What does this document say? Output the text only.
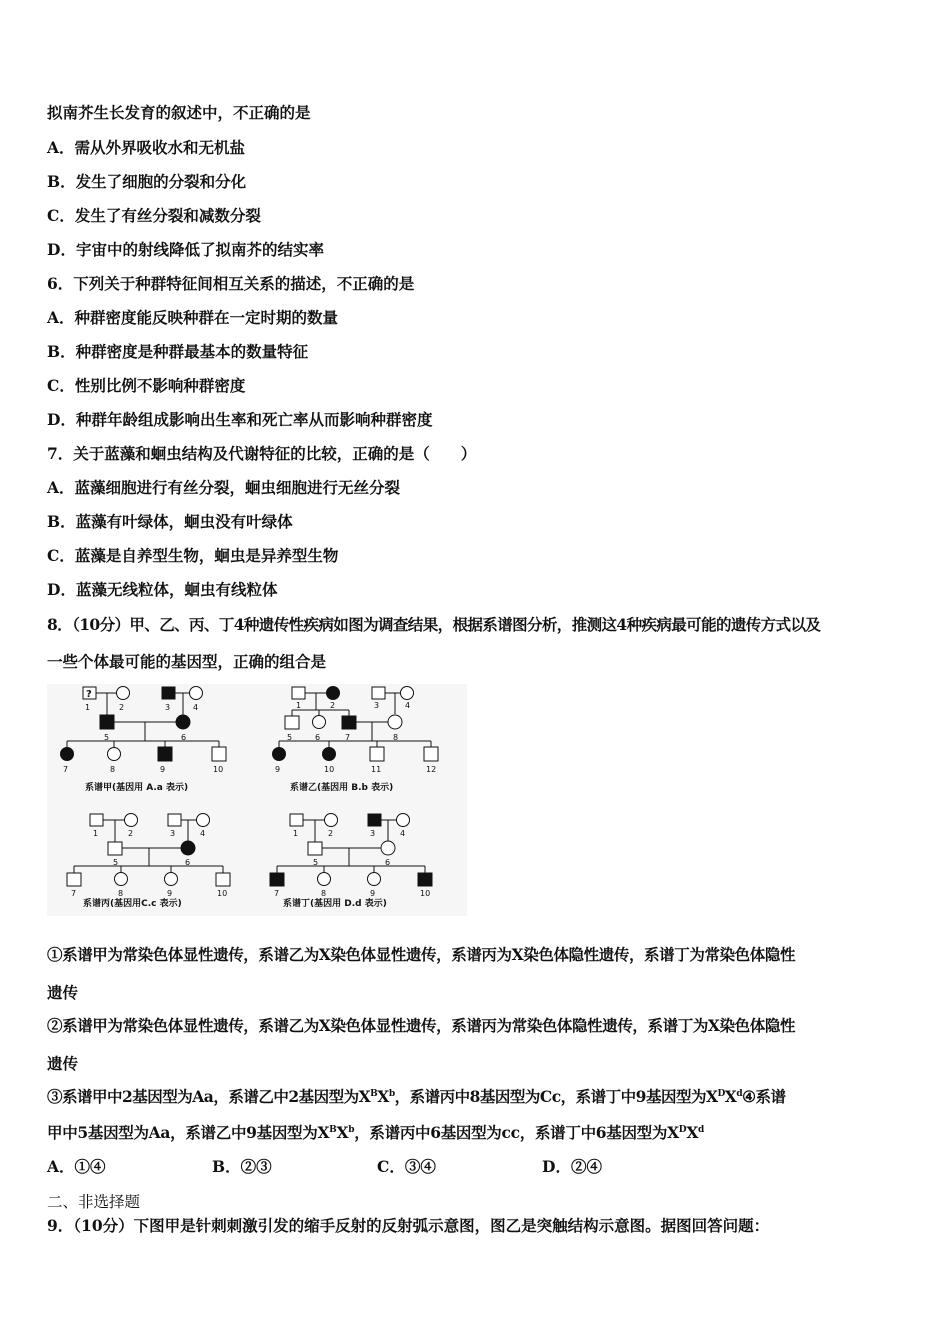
拟南芥生长发育的叙述中，不正确的是
A．需从外界吸收水和无机盐
B．发生了细胞的分裂和分化
C．发生了有丝分裂和减数分裂
D．宇宙中的射线降低了拟南芥的结实率
6．下列关于种群特征间相互关系的描述，不正确的是
A．种群密度能反映种群在一定时期的数量
B．种群密度是种群最基本的数量特征
C．性别比例不影响种群密度
D．种群年龄组成影响出生率和死亡率从而影响种群密度
7．关于蓝藻和蛔虫结构及代谢特征的比较，正确的是（　　）
A．蓝藻细胞进行有丝分裂，蛔虫细胞进行无丝分裂
B．蓝藻有叶绿体，蛔虫没有叶绿体
C．蓝藻是自养型生物，蛔虫是异养型生物
D．蓝藻无线粒体，蛔虫有线粒体
8．（10分）甲、乙、丙、丁4种遗传性疾病如图为调查结果，根据系谱图分析，推测这4种疾病最可能的遗传方式以及
一些个体最可能的基因型，正确的组合是
1	2	3	4
5	6
7	8	9	10
1	2	3	4
5	6	7	8
9	10	11	12
1	2	3	4
5	6
7	8	9	10
1	2	3	4
5	6
7	8	9	10
系谱甲(基因用 A.a 表示)	系谱乙(基因用 B.b 表示)
系谱丙(基因用C.c 表示)	系谱丁(基因用 D.d 表示)
?
①系谱甲为常染色体显性遗传，系谱乙为X染色体显性遗传，系谱丙为X染色体隐性遗传，系谱丁为常染色体隐性
遗传
②系谱甲为常染色体显性遗传，系谱乙为X染色体显性遗传，系谱丙为常染色体隐性遗传，系谱丁为X染色体隐性
遗传
③系谱甲中2基因型为Aa，系谱乙中2基因型为$X^BX^b$，系谱丙中8基因型为Cc，系谱丁中9基因型为$X^DX^d④$系谱
甲中5基因型为Aa，系谱乙中9基因型为$X^BX^b$，系谱丙中6基因型为cc，系谱丁中6基因型为$X^DX^d$
A．①④	B．②③	C．③④	D．②④
二、非选择题
9．（10分）下图甲是针刺刺激引发的缩手反射的反射弧示意图，图乙是突触结构示意图。据图回答问题：
